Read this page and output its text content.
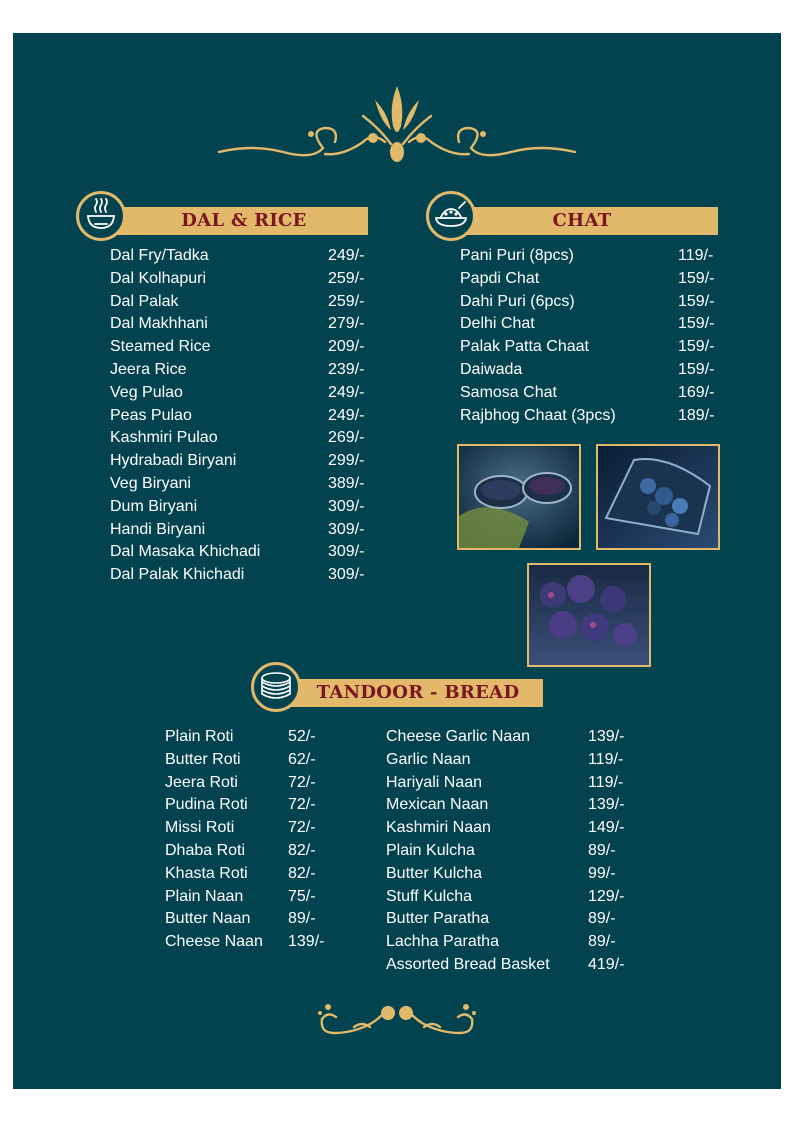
DAL & RICE	CHAT
Dal Fry/Tadka	249/-
Dal Kolhapuri	259/-
Dal Palak	259/-
Dal Makhhani	279/-
Steamed Rice	209/-
Jeera Rice	239/-
Veg Pulao	249/-
Peas Pulao	249/-
Kashmiri Pulao	269/-
Hydrabadi Biryani	299/-
Veg Biryani	389/-
Dum Biryani	309/-
Handi Biryani	309/-
Dal Masaka Khichadi	309/-
Dal Palak Khichadi	309/-
Pani Puri (8pcs)	119/-
Papdi Chat	159/-
Dahi Puri (6pcs)	159/-
Delhi Chat	159/-
Palak Patta Chaat	159/-
Daiwada	159/-
Samosa Chat	169/-
Rajbhog Chaat (3pcs)	189/-
TANDOOR - BREAD
Plain Roti	52/-
Butter Roti	62/-
Jeera Roti	72/-
Pudina Roti	72/-
Missi Roti	72/-
Dhaba Roti	82/-
Khasta Roti	82/-
Plain Naan	75/-
Butter Naan 89/-
Cheese Naan 139/-
Cheese Garlic Naan	139/-
Garlic Naan	119/-
Hariyali Naan	119/-
Mexican Naan	139/-
Kashmiri Naan	149/-
Plain Kulcha	89/-
Butter Kulcha	99/-
Stuff Kulcha	129/-
Butter Paratha	89/-
Lachha Paratha	89/-
Assorted Bread Basket 419/-
